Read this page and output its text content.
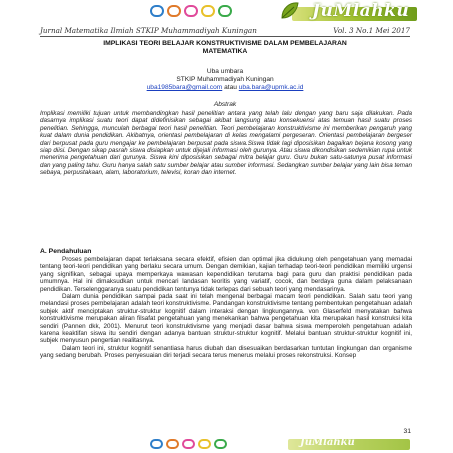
JuMlahku
Jurnal Matematika Ilmiah STKIP Muhammadiyah Kuningan	Vol. 3 No.1 Mei 2017
IMPLIKASI TEORI BELAJAR KONSTRUKTIVISME DALAM PEMBELAJARAN
MATEMATIKA
Uba umbara
STKIP Muhammadiyah Kuningan
uba1985bara@gmail.com atau uba.bara@upmk.ac.id
Abstrak
Implikasi memiliki tujuan untuk membandingkan hasil penelitian antara yang telah lalu dengan yang baru saja dilakukan. Pada dasarnya implikasi suatu teori dapat didefinisikan sebagai akibat langsung atau konsekuensi atas temuan hasil suatu proses penelitian. Sehingga, munculah berbagai teori hasil penelitian. Teori pembelajaran konstruktivisme ini memberikan pengaruh yang kuat dalam dunia pendidikan. Akibatnya, orientasi pembelajaran di kelas mengalami pergeseran. Orientasi pembelajaran bergeser dari berpusat pada guru mengajar ke pembelajaran berpusat pada siswa.Siswa tidak lagi diposisikan bagaikan bejana kosong yang siap diisi. Dengan sikap pasrah siswa disiapkan untuk dijejali informasi oleh gurunya. Atau siswa dikondisikan sedemikian rupa untuk menerima pengetahuan dari gurunya. Siswa kini diposisikan sebagai mitra belajar guru. Guru bukan satu-satunya pusat informasi dan yang paling tahu. Guru hanya salah satu sumber belajar atau sumber informasi. Sedangkan sumber belajar yang lain bisa teman sebaya, perpustakaan, alam, laboratorium, televisi, koran dan internet.
A. Pendahuluan

Proses pembelajaran dapat terlaksana secara efektif, efisien dan optimal jika didukung oleh pengetahuan yang memadai tentang teori-teori pendidikan yang berlaku secara umum. Dengan demikian, kajian terhadap teori-teori pendidikan memiliki urgensi yang signifikan, sebagai upaya memperkaya wawasan kependidikan terutama bagi para guru dan praktisi pendidikan pada umumnya. Hal ini dimaksudkan untuk mencari landasan teoritis yang variatif, cocok, dan berdaya guna dalam pelaksanaan pendidikan. Terselenggaranya suatu pendidikan tentunya tidak terlepas dari sebuah teori yang mendasarinya.

Dalam dunia pendidikan sampai pada saat ini telah mengenal berbagai macam teori pendidikan. Salah satu teori yang melandasi proses pembelajaran adalah teori konstruktivisme. Pandangan konstruktivisme tentang pembentukan pengetahuan adalah subjek aktif menciptakan struktur-struktur kognitif dalam interaksi dengan lingkungannya. von Glaserfeld menyatakan bahwa konstruktivisme merupakan aliran filsafat pengetahuan yang menekankan bahwa pengetahuan kita merupakan hasil konstruksi kita sendiri (Pannen dkk, 2001). Menurut teori konstruktivisme yang menjadi dasar bahwa siswa memperoleh pengetahuan adalah karena keaktifan siswa itu sendiri dengan adanya bantuan struktur-struktur kognitif. Melalui bantuan struktur-struktur kognitif ini, subjek menyusun pengertian realitasnya.

Dalam teori ini, struktur kognitif senantiasa harus diubah dan disesuaikan berdasarkan tuntutan lingkungan dan organisme yang sedang berubah. Proses penyesuaian diri terjadi secara terus menerus melalui proses rekonstruksi. Konsep

31
JuMlahku
